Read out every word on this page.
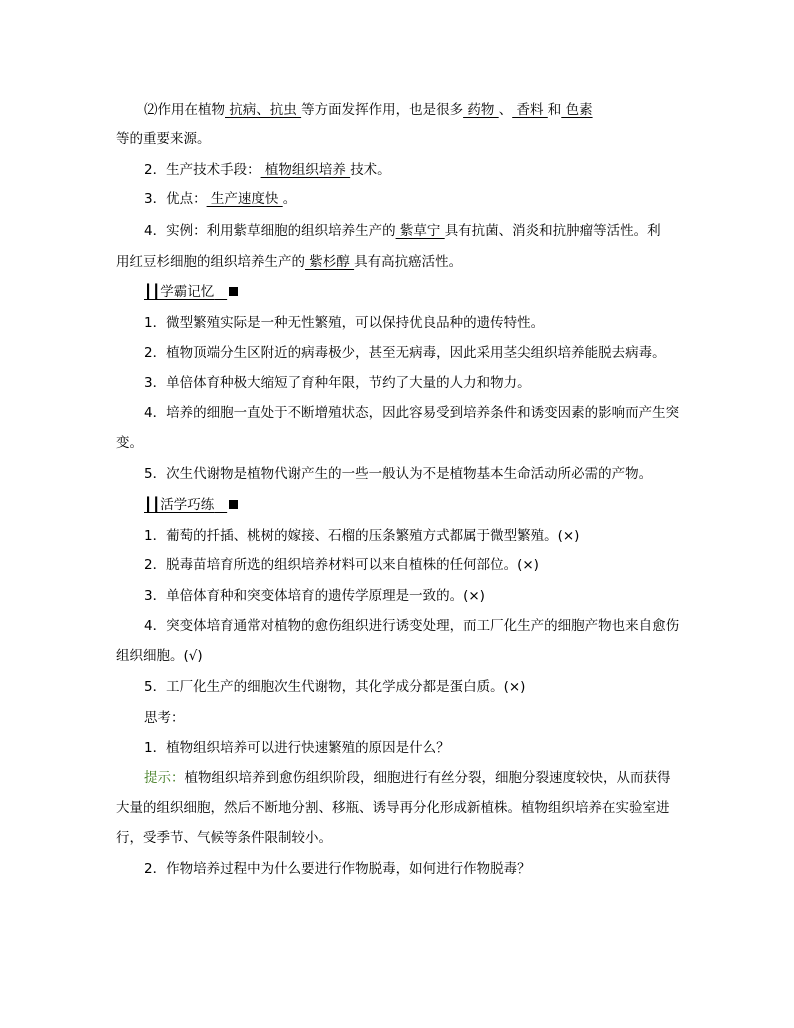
⑵作用在植物 抗病、抗虫 等方面发挥作用，也是很多 药物 、 香料 和 色素
等的重要来源。
2．生产技术手段： 植物组织培养 技术。
3．优点： 生产速度快 。
4．实例：利用紫草细胞的组织培养生产的 紫草宁 具有抗菌、消炎和抗肿瘤等活性。利
用红豆杉细胞的组织培养生产的 紫杉醇 具有高抗癌活性。
┃┃学霸记忆
1．微型繁殖实际是一种无性繁殖，可以保持优良品种的遗传特性。
2．植物顶端分生区附近的病毒极少，甚至无病毒，因此采用茎尖组织培养能脱去病毒。
3．单倍体育种极大缩短了育种年限，节约了大量的人力和物力。
4．培养的细胞一直处于不断增殖状态，因此容易受到培养条件和诱变因素的影响而产生突
变。
5．次生代谢物是植物代谢产生的一些一般认为不是植物基本生命活动所必需的产物。
┃┃活学巧练
1．葡萄的扦插、桃树的嫁接、石榴的压条繁殖方式都属于微型繁殖。(×)
2．脱毒苗培育所选的组织培养材料可以来自植株的任何部位。(×)
3．单倍体育种和突变体培育的遗传学原理是一致的。(×)
4．突变体培育通常对植物的愈伤组织进行诱变处理，而工厂化生产的细胞产物也来自愈伤
组织细胞。(√)
5．工厂化生产的细胞次生代谢物，其化学成分都是蛋白质。(×)
思考：
1．植物组织培养可以进行快速繁殖的原因是什么？
提示：植物组织培养到愈伤组织阶段，细胞进行有丝分裂，细胞分裂速度较快，从而获得
大量的组织细胞，然后不断地分割、移瓶、诱导再分化形成新植株。植物组织培养在实验室进
行，受季节、气候等条件限制较小。
2．作物培养过程中为什么要进行作物脱毒，如何进行作物脱毒？
